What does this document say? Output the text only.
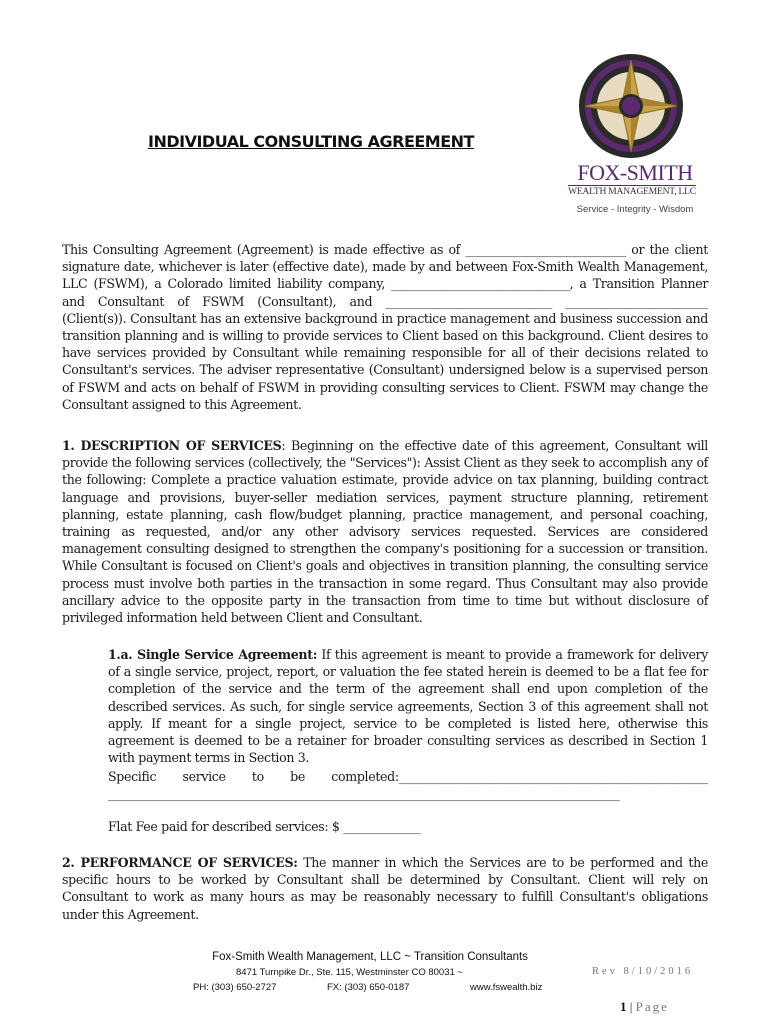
INDIVIDUAL CONSULTING AGREEMENT
FOX-SMITH
WEALTH MANAGEMENT, LLC
Service - Integrity - Wisdom

This Consulting Agreement (Agreement) is made effective as of ___________________________ or the client signature date, whichever is later (effective date), made by and between Fox-Smith Wealth Management, LLC (FSWM), a Colorado limited liability company, ______________________________, a Transition Planner and Consultant of FSWM (Consultant), and ____________________________ ________________________ (Client(s)). Consultant has an extensive background in practice management and business succession and transition planning and is willing to provide services to Client based on this background. Client desires to have services provided by Consultant while remaining responsible for all of their decisions related to Consultant's services. The adviser representative (Consultant) undersigned below is a supervised person of FSWM and acts on behalf of FSWM in providing consulting services to Client. FSWM may change the Consultant assigned to this Agreement.

1. DESCRIPTION OF SERVICES: Beginning on the effective date of this agreement, Consultant will provide the following services (collectively, the "Services"): Assist Client as they seek to accomplish any of the following: Complete a practice valuation estimate, provide advice on tax planning, building contract language and provisions, buyer-seller mediation services, payment structure planning, retirement planning, estate planning, cash flow/budget planning, practice management, and personal coaching, training as requested, and/or any other advisory services requested. Services are considered management consulting designed to strengthen the company's positioning for a succession or transition. While Consultant is focused on Client's goals and objectives in transition planning, the consulting service process must involve both parties in the transaction in some regard. Thus Consultant may also provide ancillary advice to the opposite party in the transaction from time to time but without disclosure of privileged information held between Client and Consultant.

1.a. Single Service Agreement: If this agreement is meant to provide a framework for delivery of a single service, project, report, or valuation the fee stated herein is deemed to be a flat fee for completion of the service and the term of the agreement shall end upon completion of the described services. As such, for single service agreements, Section 3 of this agreement shall not apply. If meant for a single project, service to be completed is listed here, otherwise this agreement is deemed to be a retainer for broader consulting services as described in Section 1 with payment terms in Section 3.

Specific service to be completed:____________________________________________________

______________________________________________________________________________________

Flat Fee paid for described services: $ _____________

2. PERFORMANCE OF SERVICES: The manner in which the Services are to be performed and the specific hours to be worked by Consultant shall be determined by Consultant. Client will rely on Consultant to work as many hours as may be reasonably necessary to fulfill Consultant's obligations under this Agreement.

Fox-Smith Wealth Management, LLC ~ Transition Consultants
8471 Turnpike Dr., Ste. 115, Westminster CO 80031 ~	Rev 8/10/2016
PH: (303) 650-2727	FX: (303) 650-0187	www.fswealth.biz
1 | Page
